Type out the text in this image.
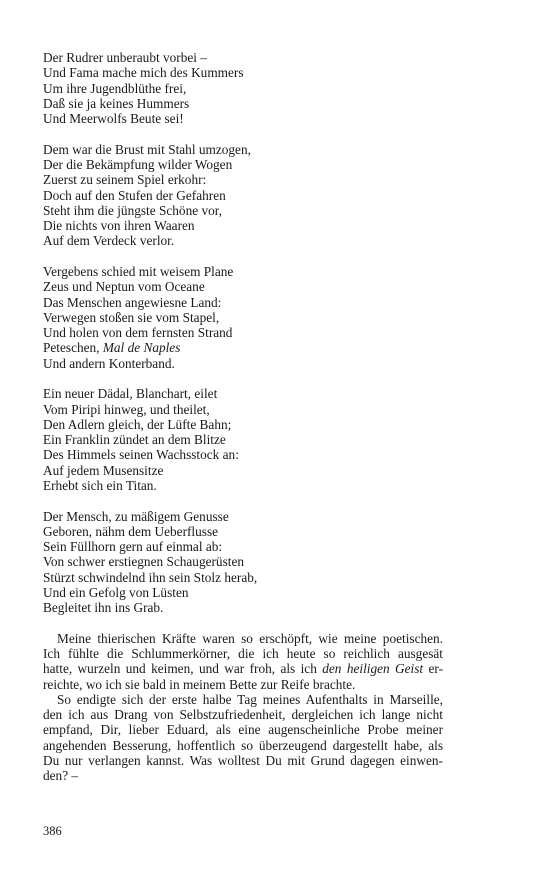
Der Rudrer unberaubt vorbei –
Und Fama mache mich des Kummers
Um ihre Jugendblüthe frei,
Daß sie ja keines Hummers
Und Meerwolfs Beute sei!
Dem war die Brust mit Stahl umzogen,
Der die Bekämpfung wilder Wogen
Zuerst zu seinem Spiel erkohr:
Doch auf den Stufen der Gefahren
Steht ihm die jüngste Schöne vor,
Die nichts von ihren Waaren
Auf dem Verdeck verlor.
Vergebens schied mit weisem Plane
Zeus und Neptun vom Oceane
Das Menschen angewiesne Land:
Verwegen stoßen sie vom Stapel,
Und holen von dem fernsten Strand
Peteschen, Mal de Naples
Und andern Konterband.
Ein neuer Dädal, Blanchart, eilet
Vom Piripi hinweg, und theilet,
Den Adlern gleich, der Lüfte Bahn;
Ein Franklin zündet an dem Blitze
Des Himmels seinen Wachsstock an:
Auf jedem Musensitze
Erhebt sich ein Titan.
Der Mensch, zu mäßigem Genusse
Geboren, nähm dem Ueberflusse
Sein Füllhorn gern auf einmal ab:
Von schwer erstiegnen Schaugerüsten
Stürzt schwindelnd ihn sein Stolz herab,
Und ein Gefolg von Lüsten
Begleitet ihn ins Grab.
Meine thierischen Kräfte waren so erschöpft, wie meine poetischen.
Ich fühlte die Schlummerkörner, die ich heute so reichlich ausgesät
hatte, wurzeln und keimen, und war froh, als ich den heiligen Geist er-
reichte, wo ich sie bald in meinem Bette zur Reife brachte.
So endigte sich der erste halbe Tag meines Aufenthalts in Marseille,
den ich aus Drang von Selbstzufriedenheit, dergleichen ich lange nicht
empfand, Dir, lieber Eduard, als eine augenscheinliche Probe meiner
angehenden Besserung, hoffentlich so überzeugend dargestellt habe, als
Du nur verlangen kannst. Was wolltest Du mit Grund dagegen einwen-
den? –
386
